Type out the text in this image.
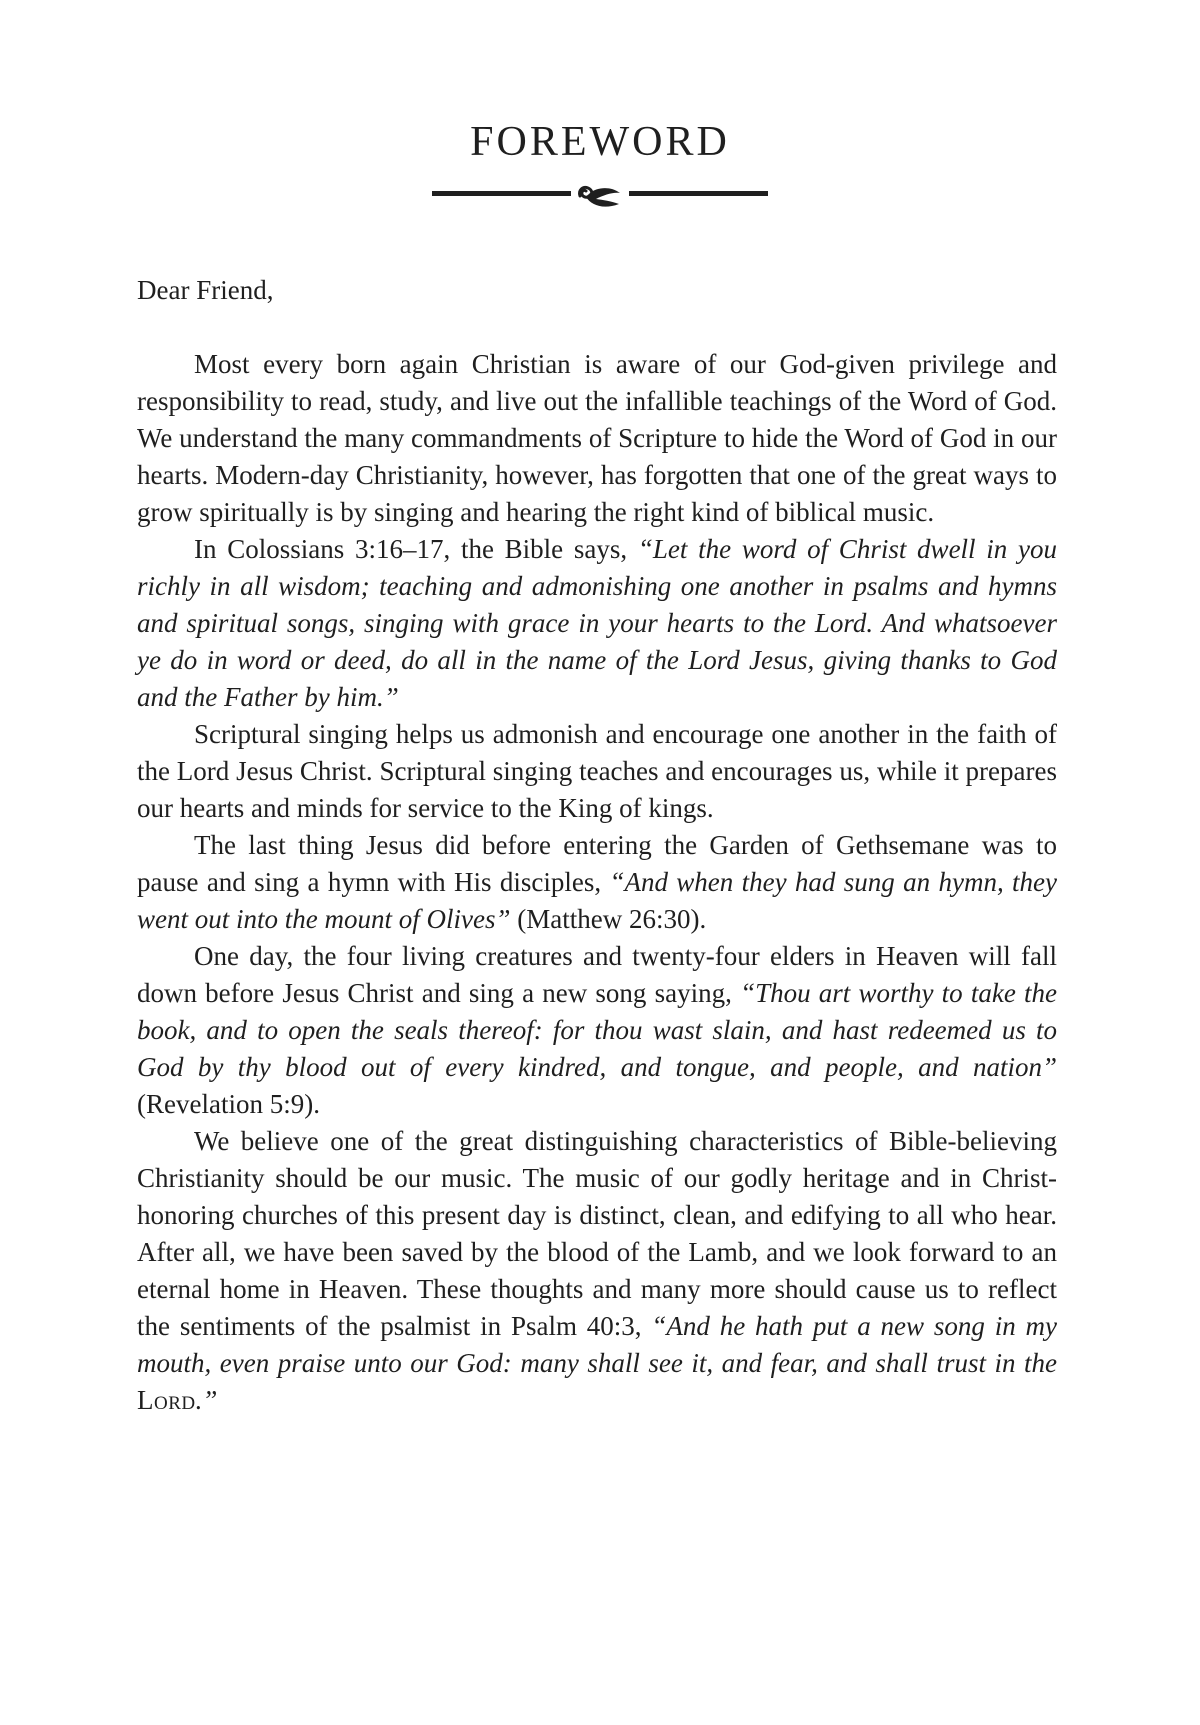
FOREWORD

Dear Friend,

Most every born again Christian is aware of our God-given privilege and responsibility to read, study, and live out the infallible teachings of the Word of God. We understand the many commandments of Scripture to hide the Word of God in our hearts. Modern-day Christianity, however, has forgotten that one of the great ways to grow spiritually is by singing and hearing the right kind of biblical music.

In Colossians 3:16–17, the Bible says, “Let the word of Christ dwell in you richly in all wisdom; teaching and admonishing one another in psalms and hymns and spiritual songs, singing with grace in your hearts to the Lord. And whatsoever ye do in word or deed, do all in the name of the Lord Jesus, giving thanks to God and the Father by him.”

Scriptural singing helps us admonish and encourage one another in the faith of the Lord Jesus Christ. Scriptural singing teaches and encourages us, while it prepares our hearts and minds for service to the King of kings.

The last thing Jesus did before entering the Garden of Gethsemane was to pause and sing a hymn with His disciples, “And when they had sung an hymn, they went out into the mount of Olives” (Matthew 26:30).

One day, the four living creatures and twenty-four elders in Heaven will fall down before Jesus Christ and sing a new song saying, “Thou art worthy to take the book, and to open the seals thereof: for thou wast slain, and hast redeemed us to God by thy blood out of every kindred, and tongue, and people, and nation” (Revelation 5:9).

We believe one of the great distinguishing characteristics of Bible-believing Christianity should be our music. The music of our godly heritage and in Christ-honoring churches of this present day is distinct, clean, and edifying to all who hear. After all, we have been saved by the blood of the Lamb, and we look forward to an eternal home in Heaven. These thoughts and many more should cause us to reflect the sentiments of the psalmist in Psalm 40:3, “And he hath put a new song in my mouth, even praise unto our God: many shall see it, and fear, and shall trust in the Lord.”
